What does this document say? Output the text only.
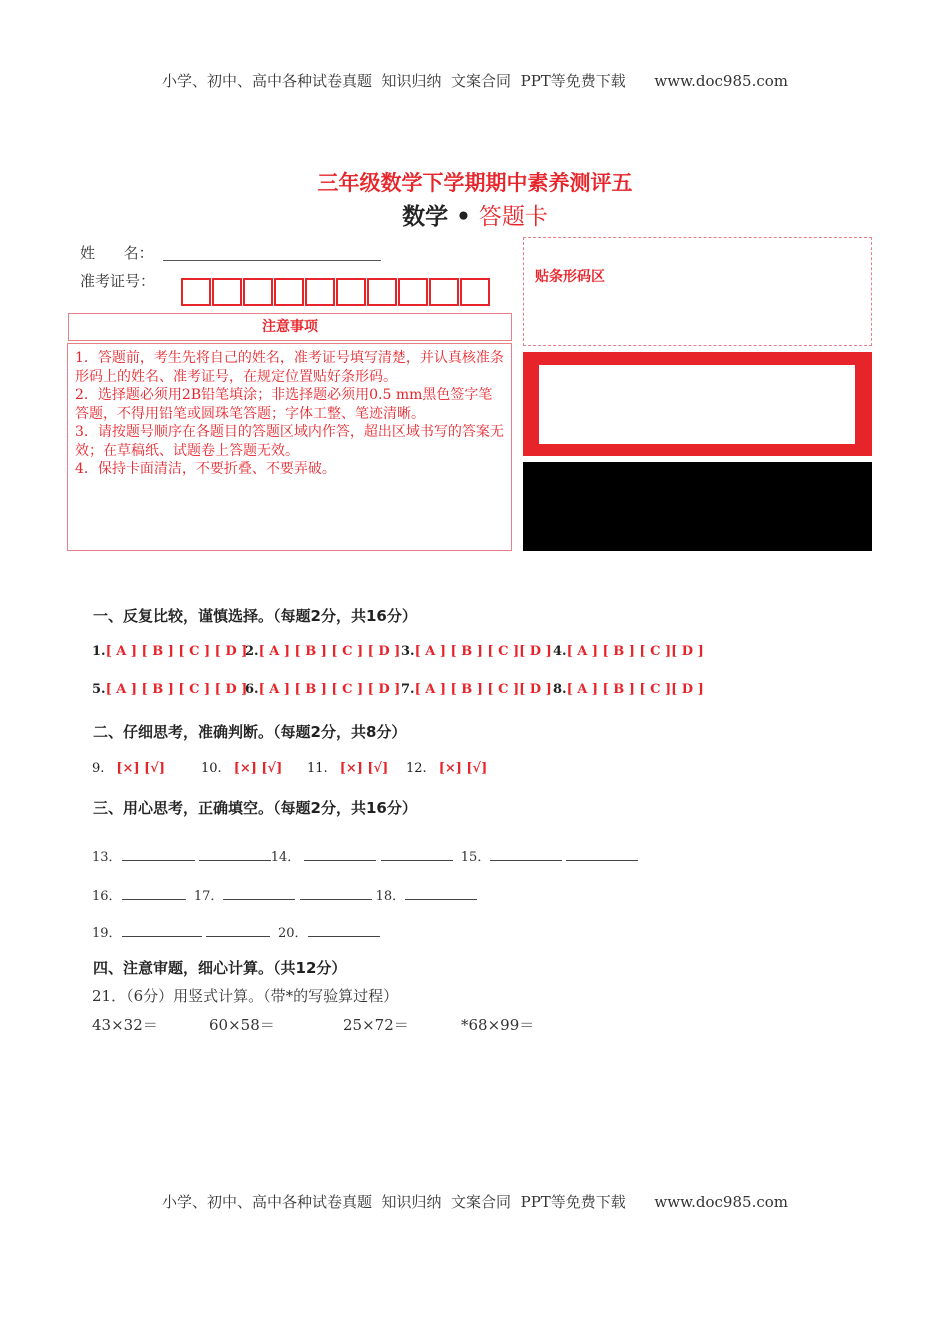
小学、初中、高中各种试卷真题  知识归纳  文案合同  PPT等免费下载      www.doc985.com
三年级数学下学期期中素养测评五
数学 • 答题卡
姓      名：
准考证号：
注意事项

1．答题前，考生先将自己的姓名，准考证号填写清楚，并认真核准条形码上的姓名、准考证号，在规定位置贴好条形码。

2．选择题必须用2B铅笔填涂；非选择题必须用0.5 mm黑色签字笔答题，不得用铅笔或圆珠笔答题；字体工整、笔迹清晰。

3．请按题号顺序在各题目的答题区域内作答，超出区域书写的答案无效；在草稿纸、试题卷上答题无效。

4．保持卡面清洁，不要折叠、不要弄破。

贴条形码区
一、反复比较，谨慎选择。（每题2分，共16分）
1.[ A ] [ B ] [ C ] [ D ]
2.[ A ] [ B ] [ C ] [ D ] 3.[ A ] [ B ] [ C ][ D ] 4.[ A ] [ B ] [ C ][ D ]
5.[ A ] [ B ] [ C ] [ D ]
6.[ A ] [ B ] [ C ] [ D ] 7.[ A ] [ B ] [ C ][ D ] 8.[ A ] [ B ] [ C ][ D ]
二、仔细思考，准确判断。（每题2分，共8分）
9. [×] [√]	10. [×] [√] 11. [×] [√] 12. [×] [√]
三、用心思考，正确填空。（每题2分，共16分）
13．	14．	15．
16．	17．	18．
19．	20．
四、注意审题，细心计算。（共12分）
21．（6分）用竖式计算。（带*的写验算过程）
43×32＝	60×58＝	25×72＝	*68×99＝
小学、初中、高中各种试卷真题  知识归纳  文案合同  PPT等免费下载      www.doc985.com
